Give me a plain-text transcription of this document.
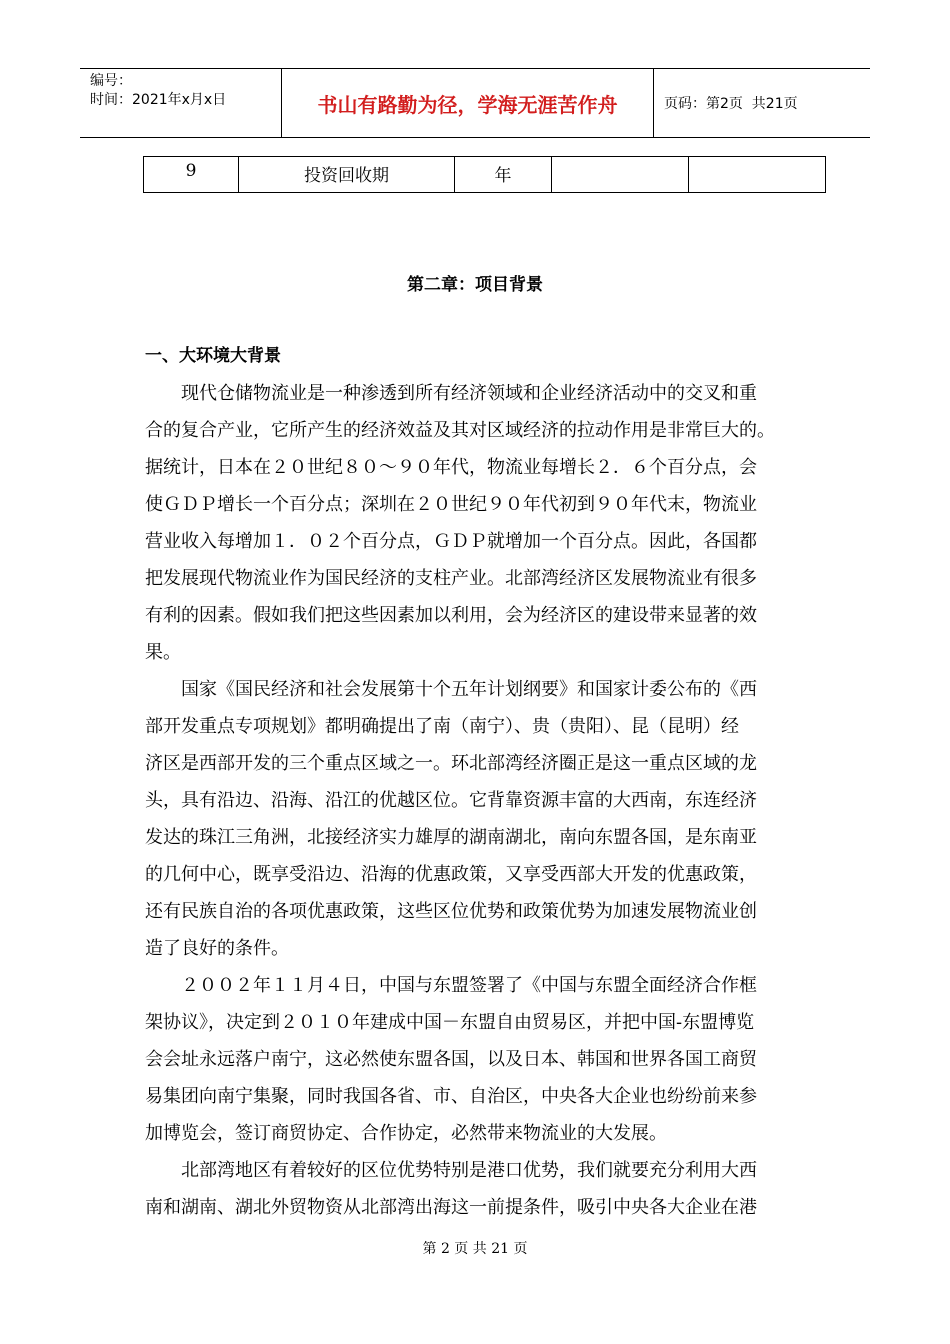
编号：
时间：2021年x月x日	书山有路勤为径，学海无涯苦作舟	页码：第2页  共21页
9	投资回收期	年		
第二章：项目背景
一、大环境大背景
现代仓储物流业是一种渗透到所有经济领域和企业经济活动中的交叉和重
合的复合产业，它所产生的经济效益及其对区域经济的拉动作用是非常巨大的。
据统计，日本在２０世纪８０～９０年代，物流业每增长２．６个百分点，会
使ＧＤＰ增长一个百分点；深圳在２０世纪９０年代初到９０年代末，物流业
营业收入每增加１．０２个百分点，ＧＤＰ就增加一个百分点。因此，各国都
把发展现代物流业作为国民经济的支柱产业。北部湾经济区发展物流业有很多
有利的因素。假如我们把这些因素加以利用，会为经济区的建设带来显著的效
果。
国家《国民经济和社会发展第十个五年计划纲要》和国家计委公布的《西
部开发重点专项规划》都明确提出了南（南宁）、贵（贵阳）、昆（昆明）经
济区是西部开发的三个重点区域之一。环北部湾经济圈正是这一重点区域的龙
头，具有沿边、沿海、沿江的优越区位。它背靠资源丰富的大西南，东连经济
发达的珠江三角洲，北接经济实力雄厚的湖南湖北，南向东盟各国，是东南亚
的几何中心，既享受沿边、沿海的优惠政策，又享受西部大开发的优惠政策，
还有民族自治的各项优惠政策，这些区位优势和政策优势为加速发展物流业创
造了良好的条件。
２００２年１１月４日，中国与东盟签署了《中国与东盟全面经济合作框
架协议》，决定到２０１０年建成中国－东盟自由贸易区，并把中国-东盟博览
会会址永远落户南宁，这必然使东盟各国，以及日本、韩国和世界各国工商贸
易集团向南宁集聚，同时我国各省、市、自治区，中央各大企业也纷纷前来参
加博览会，签订商贸协定、合作协定，必然带来物流业的大发展。
北部湾地区有着较好的区位优势特别是港口优势，我们就要充分利用大西
南和湖南、湖北外贸物资从北部湾出海这一前提条件，吸引中央各大企业在港
第 2 页 共 21 页
